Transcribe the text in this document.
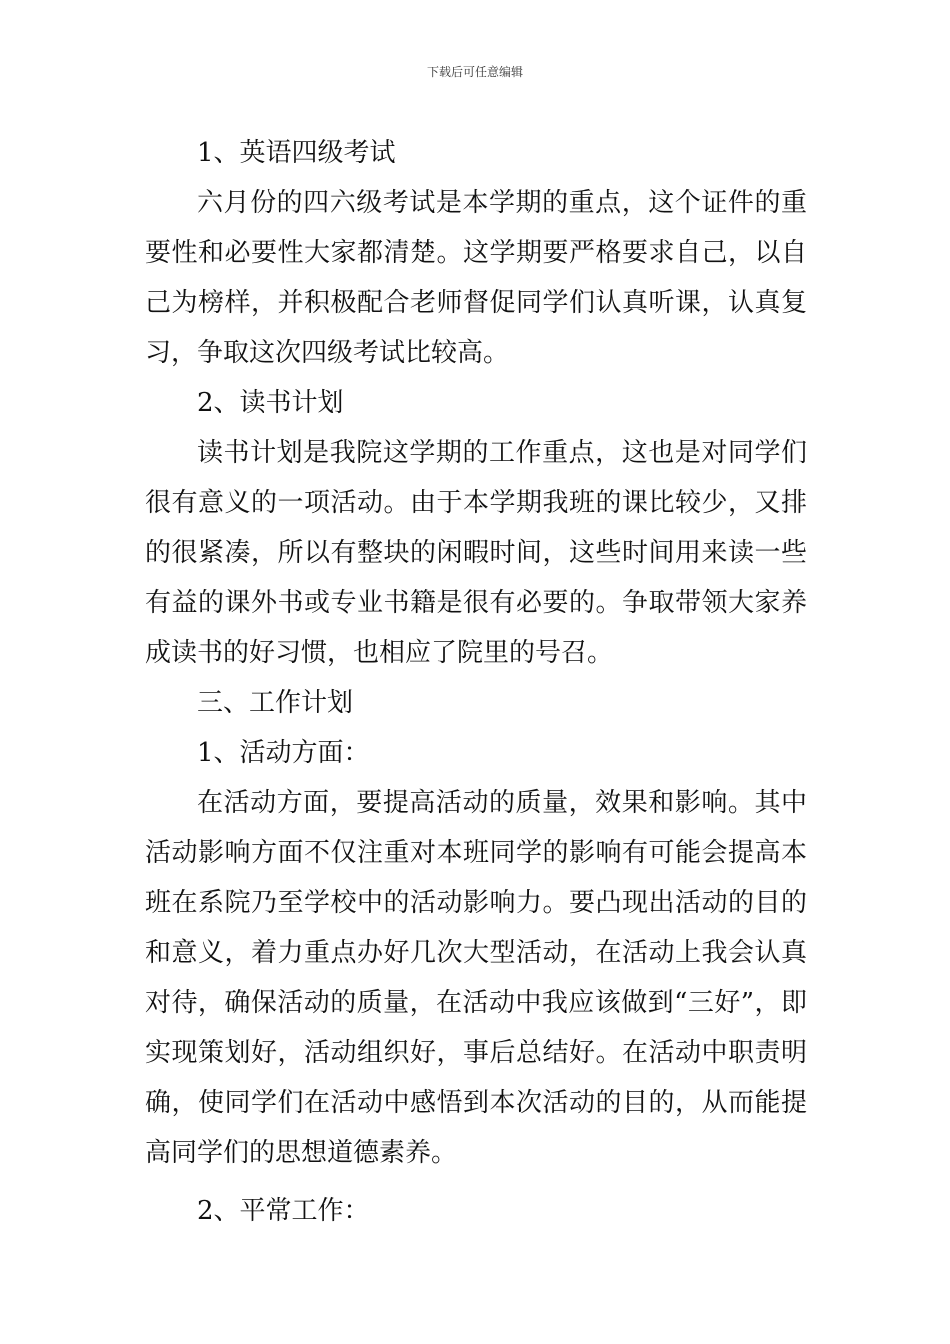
下载后可任意编辑

1、英语四级考试

六月份的四六级考试是本学期的重点，这个证件的重要性和必要性大家都清楚。这学期要严格要求自己，以自己为榜样，并积极配合老师督促同学们认真听课，认真复习，争取这次四级考试比较高。

2、读书计划

读书计划是我院这学期的工作重点，这也是对同学们很有意义的一项活动。由于本学期我班的课比较少，又排的很紧凑，所以有整块的闲暇时间，这些时间用来读一些有益的课外书或专业书籍是很有必要的。争取带领大家养成读书的好习惯，也相应了院里的号召。

三、工作计划

1、活动方面：

在活动方面，要提高活动的质量，效果和影响。其中活动影响方面不仅注重对本班同学的影响有可能会提高本班在系院乃至学校中的活动影响力。要凸现出活动的目的和意义，着力重点办好几次大型活动，在活动上我会认真对待，确保活动的质量，在活动中我应该做到“三好”，即实现策划好，活动组织好，事后总结好。在活动中职责明确，使同学们在活动中感悟到本次活动的目的，从而能提高同学们的思想道德素养。

2、平常工作：
